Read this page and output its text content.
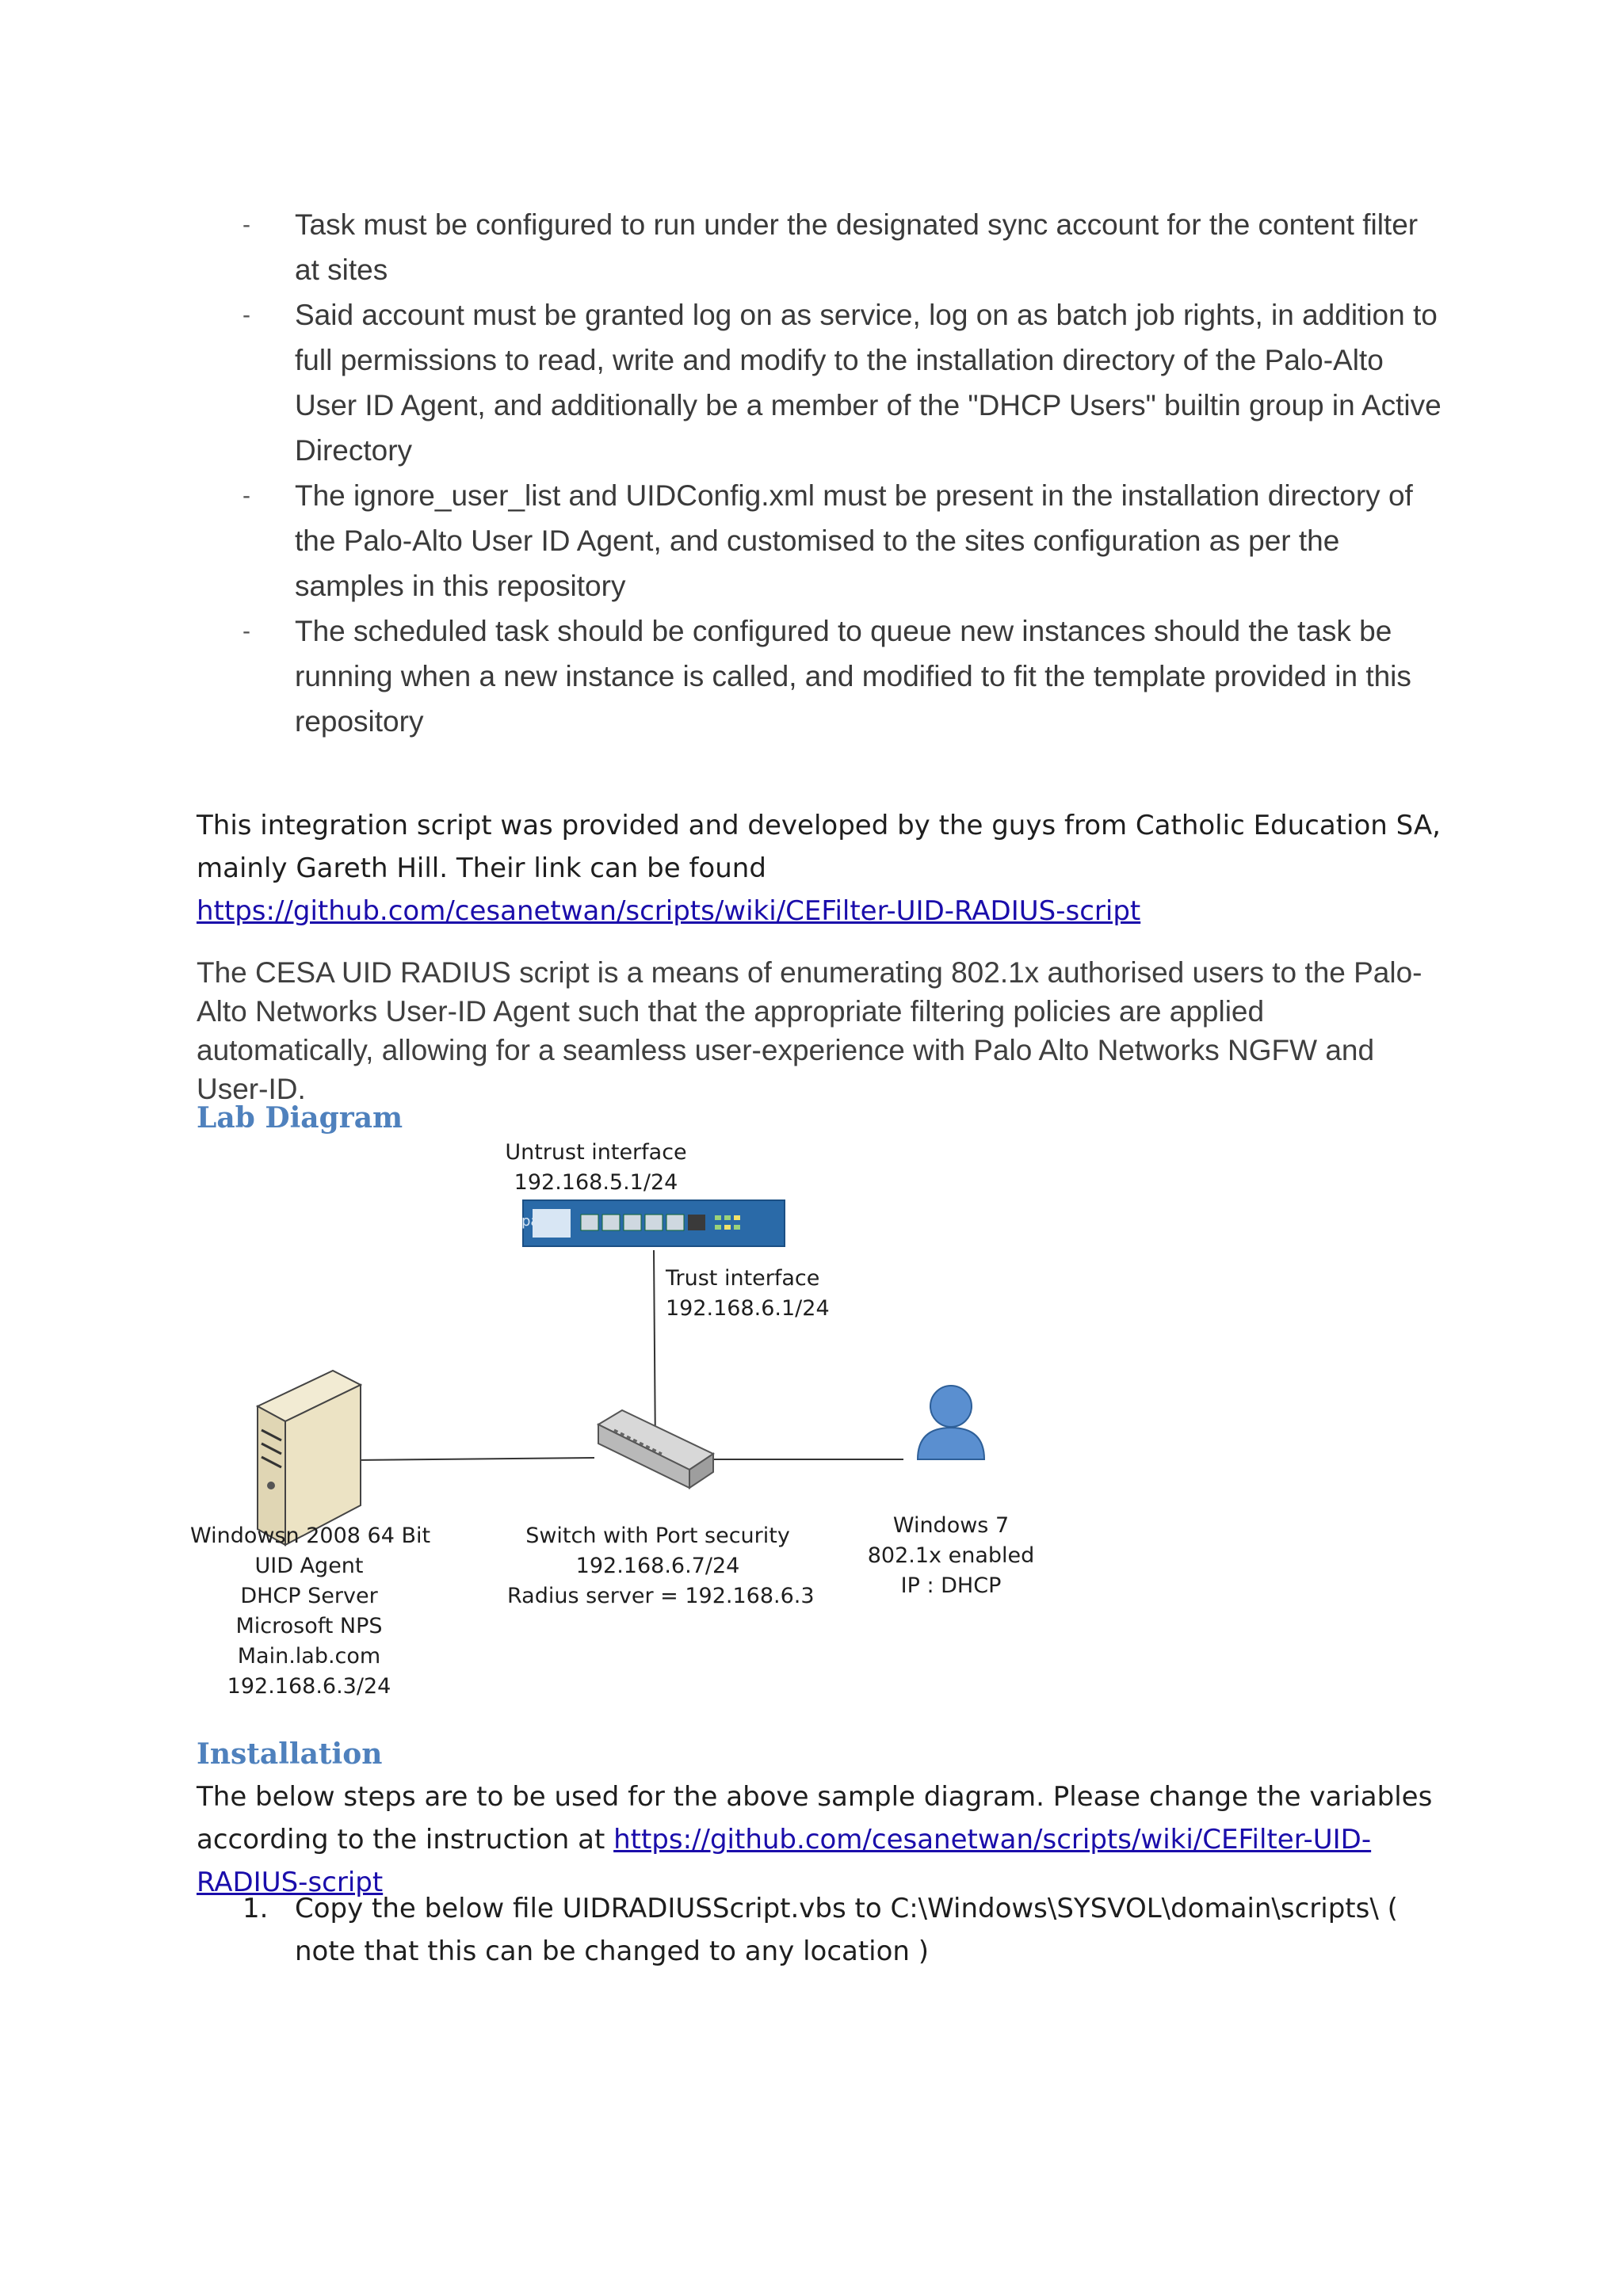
-	Task must be configured to run under the designated sync account for the content filter at sites
-	Said account must be granted log on as service, log on as batch job rights, in addition to full permissions to read, write and modify to the installation directory of the Palo-Alto User ID Agent, and additionally be a member of the "DHCP Users" builtin group in Active Directory
-	The ignore_user_list and UIDConfig.xml must be present in the installation directory of the Palo-Alto User ID Agent, and customised to the sites configuration as per the samples in this repository
-	The scheduled task should be configured to queue new instances should the task be running when a new instance is called, and modified to fit the template provided in this repository

This integration script was provided and developed by the guys from Catholic Education SA, mainly Gareth Hill. Their link can be found https://github.com/cesanetwan/scripts/wiki/CEFilter-UID-RADIUS-script

The CESA UID RADIUS script is a means of enumerating 802.1x authorised users to the Palo-Alto Networks User-ID Agent such that the appropriate filtering policies are applied automatically, allowing for a seamless user-experience with Palo Alto Networks NGFW and User-ID.

Lab Diagram
Untrust interface
192.168.5.1/24
palo
Trust interface
192.168.6.1/24
Windowsn 2008 64 Bit
UID Agent
DHCP Server
Microsoft NPS
Main.lab.com
192.168.6.3/24
Switch with Port security
192.168.6.7/24
Radius server = 192.168.6.3
Windows 7
802.1x enabled
IP : DHCP
Installation

The below steps are to be used for the above sample diagram. Please change the variables according to the instruction at https://github.com/cesanetwan/scripts/wiki/CEFilter-UID-RADIUS-script

1. Copy the below file UIDRADIUSScript.vbs to C:\Windows\SYSVOL\domain\scripts\ ( note that this can be changed to any location )
